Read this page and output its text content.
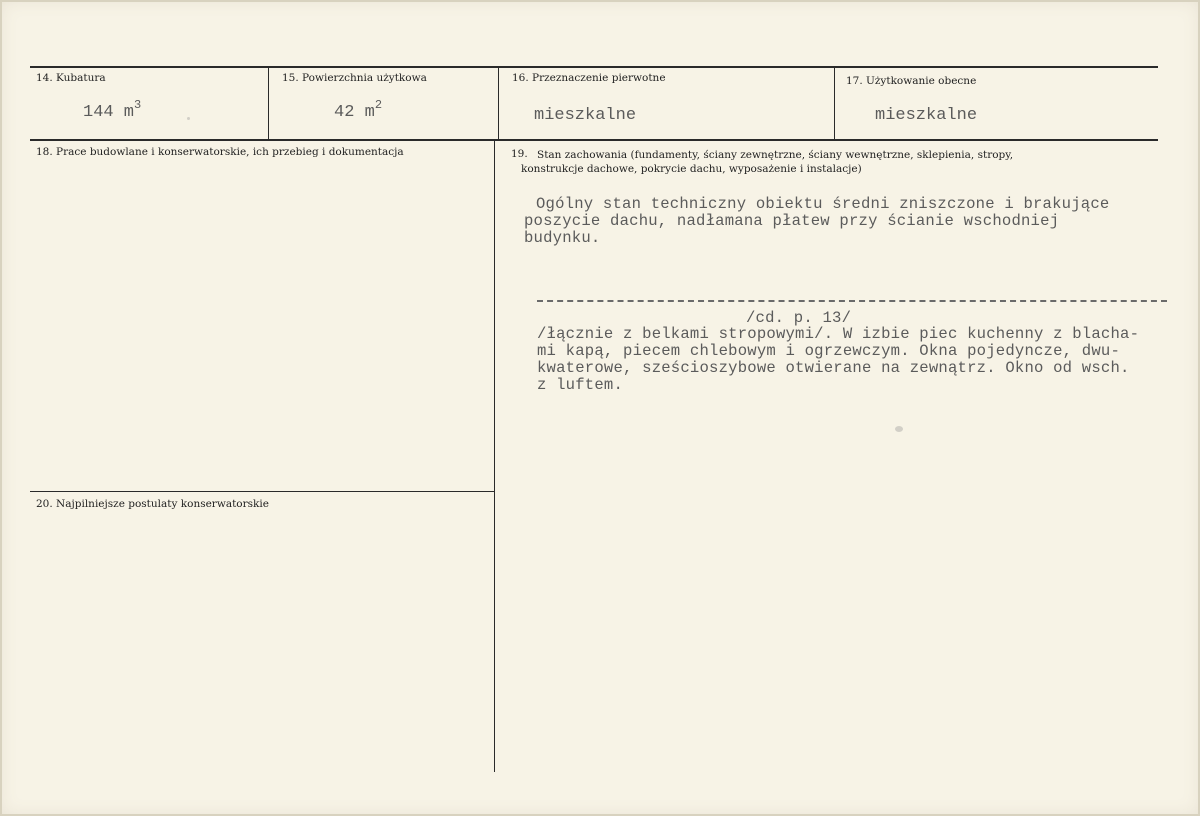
14. Kubatura
144 $m^3$
15. Powierzchnia użytkowa
42 $m^2$
16. Przeznaczenie pierwotne
mieszkalne
17. Użytkowanie obecne
mieszkalne
18. Prace budowlane i konserwatorskie, ich przebieg i dokumentacja	19. Stan zachowania (fundamenty, ściany zewnętrzne, ściany wewnętrzne, sklepienia, stropy,
konstrukcje dachowe, pokrycie dachu, wyposażenie i instalacje)
Ogólny stan techniczny obiektu średni zniszczone i brakujące
poszycie dachu, nadłamana płatew przy ścianie wschodniej
budynku.
/cd. p. 13/
/łącznie z belkami stropowymi/. W izbie piec kuchenny z blacha-
mi kapą, piecem chlebowym i ogrzewczym. Okna pojedyncze, dwu-
kwaterowe, sześcioszybowe otwierane na zewnątrz. Okno od wsch.
z luftem.
20. Najpilniejsze postulaty konserwatorskie
